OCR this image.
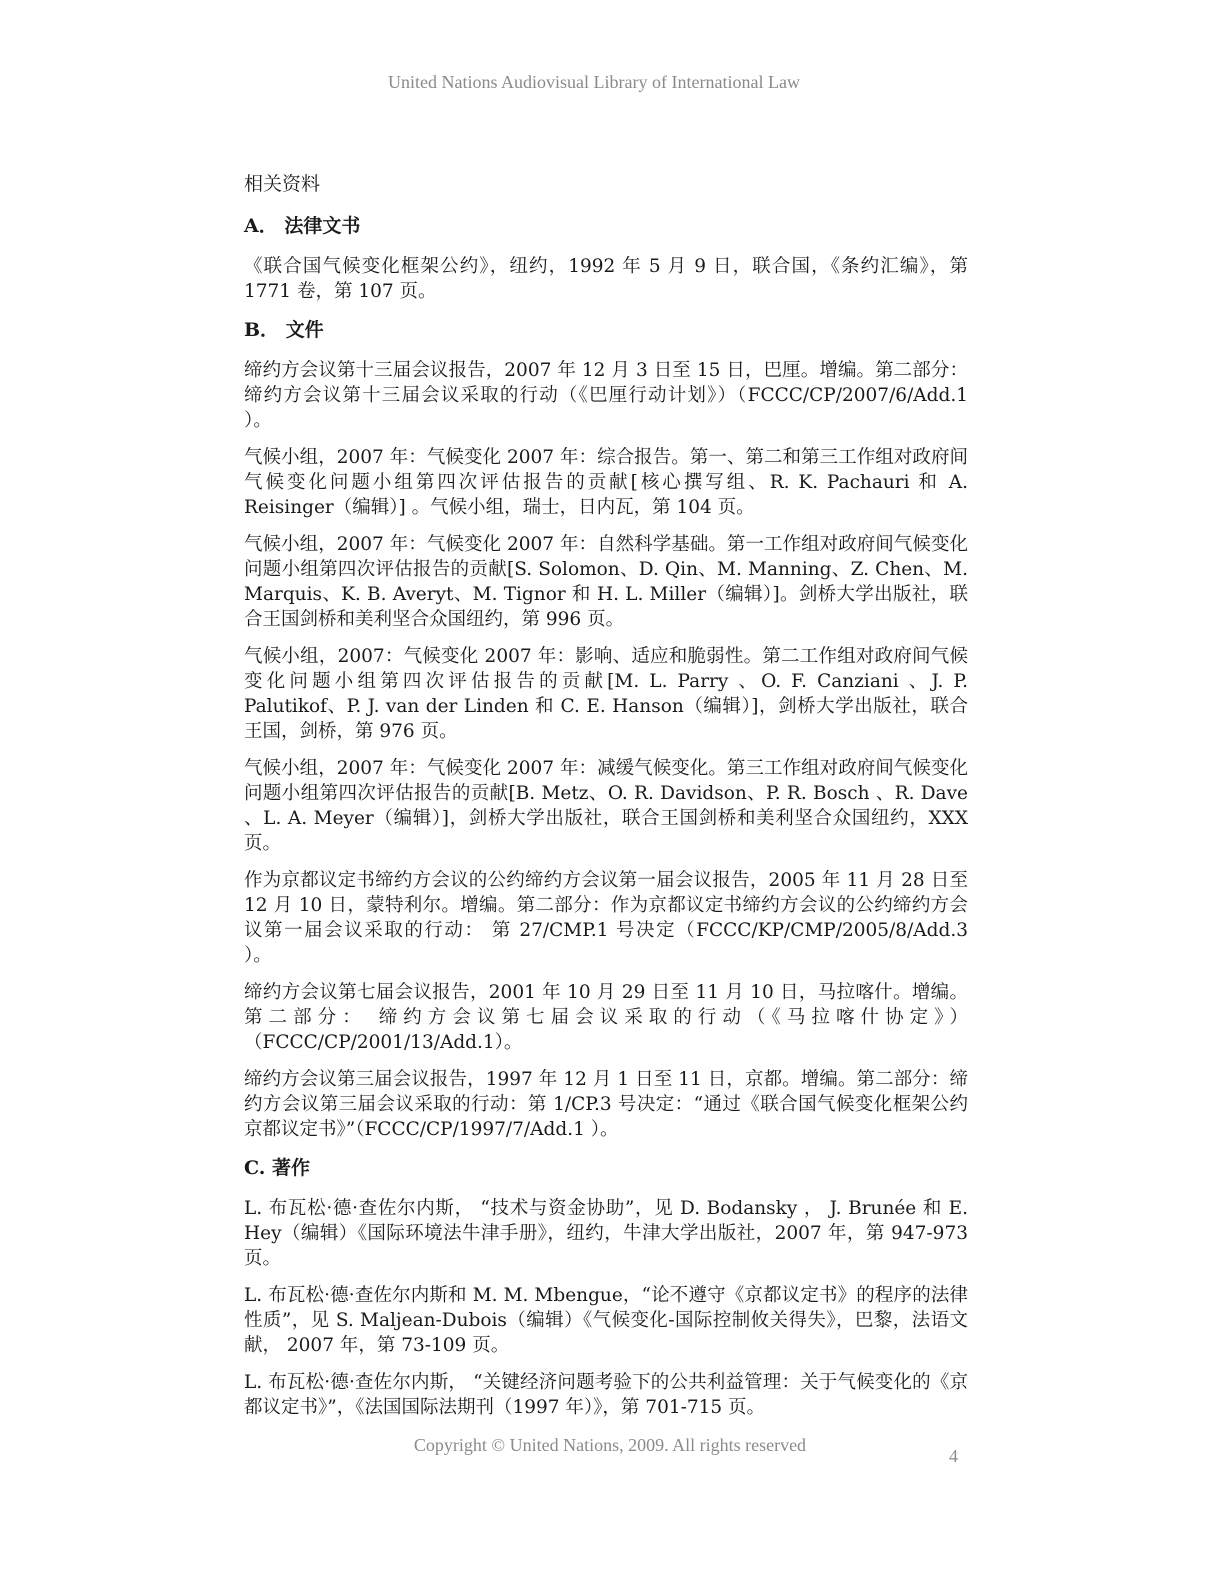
United Nations Audiovisual Library of International Law
相关资料
A． 法律文书

《联合国气候变化框架公约》，纽约，1992 年 5 月 9 日，联合国，《条约汇编》，第 1771 卷，第 107 页。

B． 文件

缔约方会议第十三届会议报告，2007 年 12 月 3 日至 15 日，巴厘。增编。第二部分： 缔约方会议第十三届会议采取的行动（《巴厘行动计划》）（FCCC/CP/2007/6/Add.1 ）。

气候小组，2007 年：气候变化 2007 年：综合报告。第一、第二和第三工作组对政府间气候变化问题小组第四次评估报告的贡献[核心撰写组、R. K. Pachauri 和 A. Reisinger（编辑）] 。气候小组，瑞士，日内瓦，第 104 页。

气候小组，2007 年：气候变化 2007 年：自然科学基础。第一工作组对政府间气候变化问题小组第四次评估报告的贡献[S. Solomon、D. Qin、M. Manning、Z. Chen、M. Marquis、K. B. Averyt、M. Tignor 和 H. L. Miller（编辑）]。剑桥大学出版社，联合王国剑桥和美利坚合众国纽约，第 996 页。

气候小组，2007：气候变化 2007 年：影响、适应和脆弱性。第二工作组对政府间气候变化问题小组第四次评估报告的贡献[M. L. Parry 、O. F. Canziani 、J. P. Palutikof、P. J. van der Linden 和 C. E. Hanson（编辑）]，剑桥大学出版社，联合王国，剑桥，第 976 页。

气候小组，2007 年：气候变化 2007 年：减缓气候变化。第三工作组对政府间气候变化问题小组第四次评估报告的贡献[B. Metz、O. R. Davidson、P. R. Bosch 、R. Dave 、L. A. Meyer（编辑）]，剑桥大学出版社，联合王国剑桥和美利坚合众国纽约，XXX 页。

作为京都议定书缔约方会议的公约缔约方会议第一届会议报告，2005 年 11 月 28 日至 12 月 10 日，蒙特利尔。增编。第二部分：作为京都议定书缔约方会议的公约缔约方会议第一届会议采取的行动： 第 27/CMP.1 号决定（FCCC/KP/CMP/2005/8/Add.3 ）。

缔约方会议第七届会议报告，2001 年 10 月 29 日至 11 月 10 日，马拉喀什。增编。第二部分： 缔约方会议第七届会议采取的行动（《马拉喀什协定》）（FCCC/CP/2001/13/Add.1）。

缔约方会议第三届会议报告，1997 年 12 月 1 日至 11 日，京都。增编。第二部分：缔约方会议第三届会议采取的行动：第 1/CP.3 号决定：“通过《联合国气候变化框架公约京都议定书》”（FCCC/CP/1997/7/Add.1 ）。

C. 著作

L. 布瓦松·德·查佐尔内斯， “技术与资金协助”，见 D. Bodansky ， J. Brunée 和 E. Hey（编辑）《国际环境法牛津手册》，纽约，牛津大学出版社，2007 年，第 947-973 页。

L. 布瓦松·德·查佐尔内斯和 M. M. Mbengue，“论不遵守《京都议定书》的程序的法律性质”，见 S. Maljean-Dubois（编辑）《气候变化-国际控制攸关得失》，巴黎，法语文献， 2007 年，第 73-109 页。

L. 布瓦松·德·查佐尔内斯， “关键经济问题考验下的公共利益管理：关于气候变化的《京都议定书》”，《法国国际法期刊（1997 年）》，第 701-715 页。

Copyright © United Nations, 2009. All rights reserved
4
